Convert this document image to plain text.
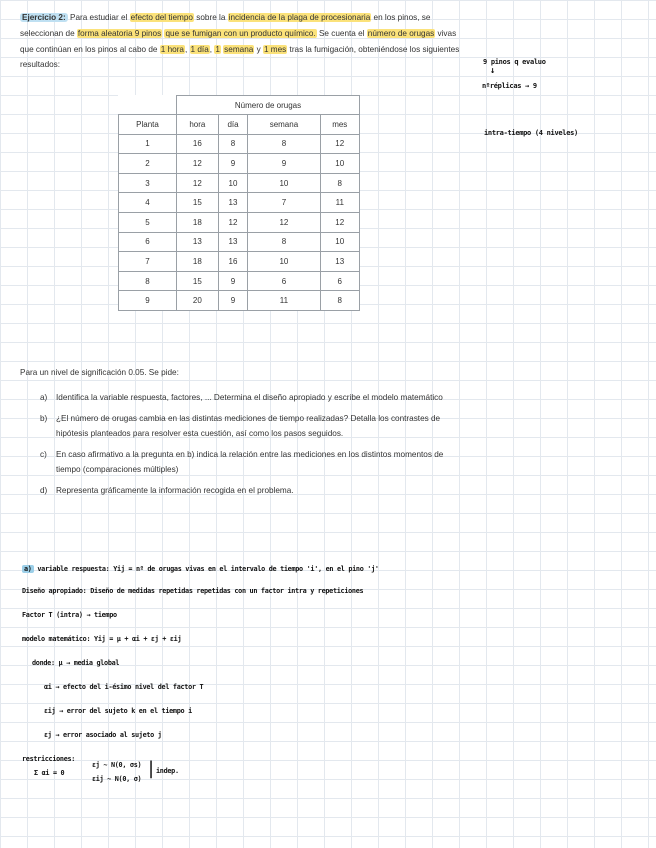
Ejercicio 2: Para estudiar el efecto del tiempo sobre la incidencia de la plaga de procesionaria en los pinos, se seleccionan de forma aleatoria 9 pinos que se fumigan con un producto químico. Se cuenta el número de orugas vivas que continúan en los pinos al cabo de 1 hora, 1 día, 1 semana y 1 mes tras la fumigación, obteniéndose los siguientes resultados:	9 pinos q evaluo
↓
nºréplicas → 9
intra-tiempo (4 niveles)
	Número de orugas			
Planta	hora	día	semana	mes
1	16	8	8	12
2	12	9	9	10
3	12	10	10	8
4	15	13	7	11
5	18	12	12	12
6	13	13	8	10
7	18	16	10	13
8	15	9	6	6
9	20	9	11	8
Para un nivel de significación 0.05. Se pide:
a)	Identifica la variable respuesta, factores, ... Determina el diseño apropiado y escribe el modelo matemático
b)	¿El número de orugas cambia en las distintas mediciones de tiempo realizadas? Detalla los contrastes de hipótesis planteados para resolver esta cuestión, así como los pasos seguidos.
c)	En caso afirmativo a la pregunta en b) indica la relación entre las mediciones en los distintos momentos de tiempo (comparaciones múltiples)
d)	Representa gráficamente la información recogida en el problema.
a) variable respuesta: Yij = nº de orugas vivas en el intervalo de tiempo 'i', en el pino 'j'
Diseño apropiado: Diseño de medidas repetidas repetidas con un factor intra y repeticiones
Factor T (intra) → tiempo
modelo matemático: Yij = μ + αi + εj + εij
donde: μ → media global
αi → efecto del i-ésimo nivel del factor T
εij → error del sujeto k en el tiempo i
εj → error asociado al sujeto j
restricciones:
Σ αi = 0
εj ~ N(0, σs)
εij ~ N(0, σ) | indep.
